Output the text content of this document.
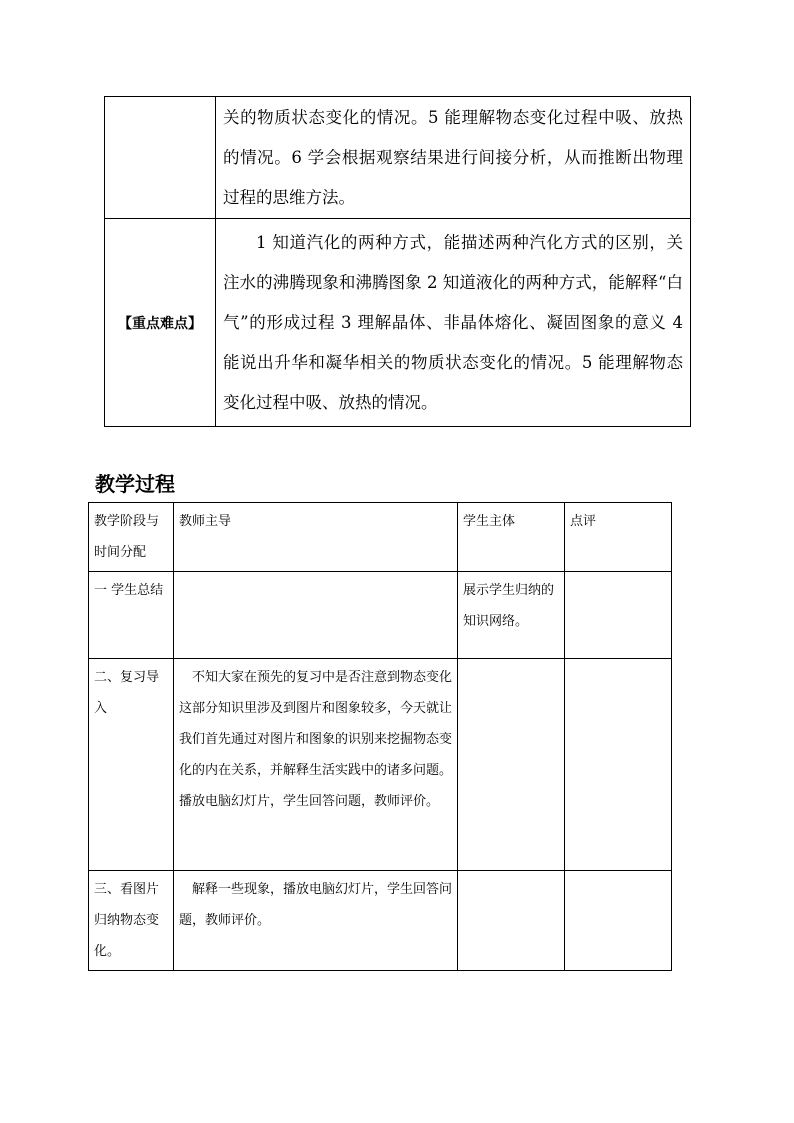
	关的物质状态变化的情况。5 能理解物态变化过程中吸、放热的情况。6 学会根据观察结果进行间接分析，从而推断出物理过程的思维方法。
【重点难点】	1 知道汽化的两种方式，能描述两种汽化方式的区别，关注水的沸腾现象和沸腾图象 2 知道液化的两种方式，能解释“白气”的形成过程 3 理解晶体、非晶体熔化、凝固图象的意义 4 能说出升华和凝华相关的物质状态变化的情况。5 能理解物态变化过程中吸、放热的情况。
教学过程
教学阶段与时间分配	教师主导	学生主体	点评
一 学生总结		展示学生归纳的知识网络。	
二、复习导入	不知大家在预先的复习中是否注意到物态变化这部分知识里涉及到图片和图象较多，今天就让我们首先通过对图片和图象的识别来挖掘物态变化的内在关系，并解释生活实践中的诸多问题。
播放电脑幻灯片，学生回答问题，教师评价。		

三、看图片归纳物态变化。	解释一些现象，播放电脑幻灯片，学生回答问题，教师评价。		
